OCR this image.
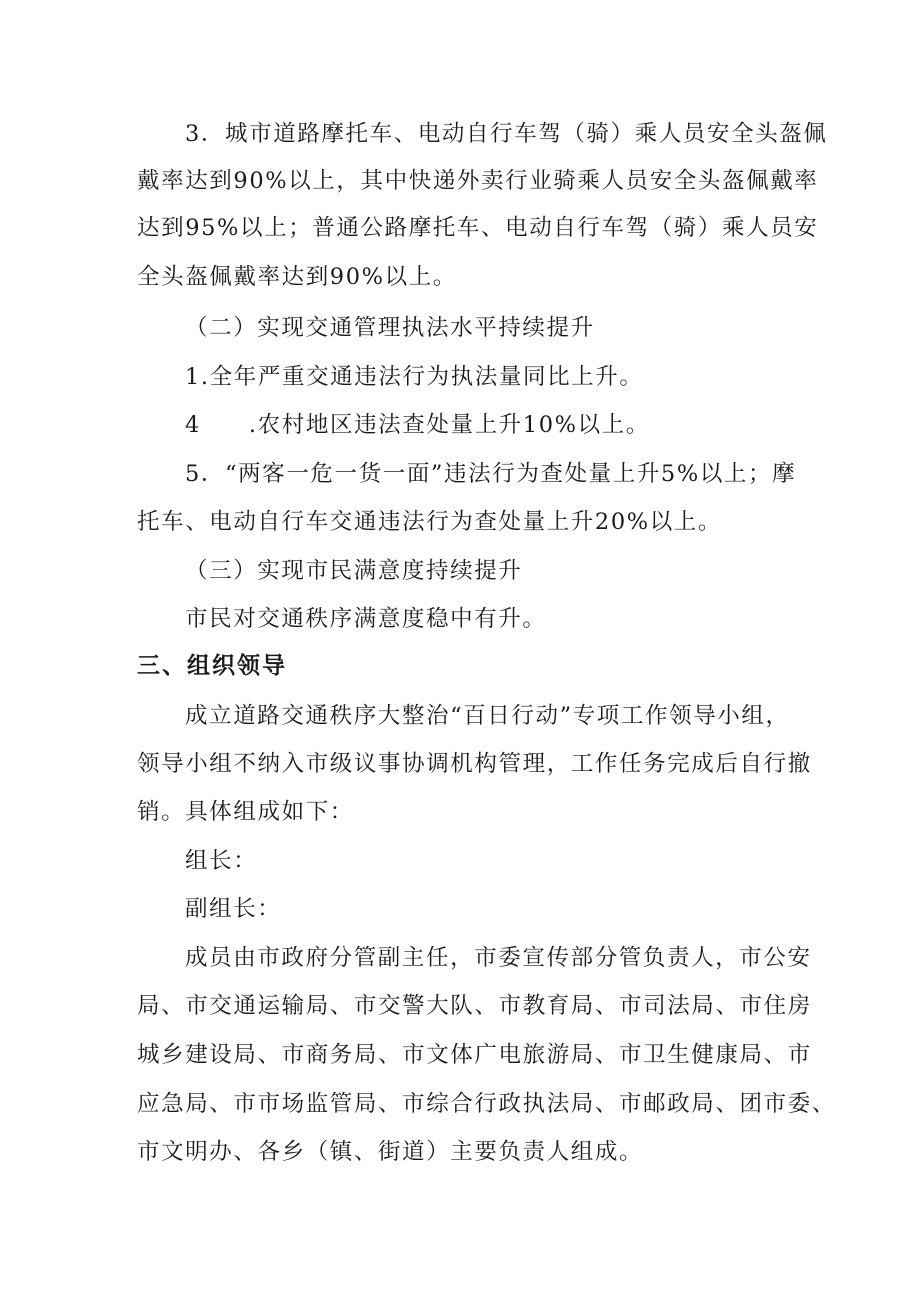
3．城市道路摩托车、电动自行车驾（骑）乘人员安全头盔佩
戴率达到90%以上，其中快递外卖行业骑乘人员安全头盔佩戴率
达到95%以上；普通公路摩托车、电动自行车驾（骑）乘人员安
全头盔佩戴率达到90%以上。
（二）实现交通管理执法水平持续提升
1.全年严重交通违法行为执法量同比上升。
4 .农村地区违法查处量上升10%以上。
5．“两客一危一货一面”违法行为查处量上升5%以上；摩
托车、电动自行车交通违法行为查处量上升20%以上。
（三）实现市民满意度持续提升
市民对交通秩序满意度稳中有升。
三、组织领导
成立道路交通秩序大整治“百日行动”专项工作领导小组，
领导小组不纳入市级议事协调机构管理，工作任务完成后自行撤
销。具体组成如下：
组长：
副组长：
成员由市政府分管副主任，市委宣传部分管负责人，市公安
局、市交通运输局、市交警大队、市教育局、市司法局、市住房
城乡建设局、市商务局、市文体广电旅游局、市卫生健康局、市
应急局、市市场监管局、市综合行政执法局、市邮政局、团市委、
市文明办、各乡（镇、街道）主要负责人组成。
